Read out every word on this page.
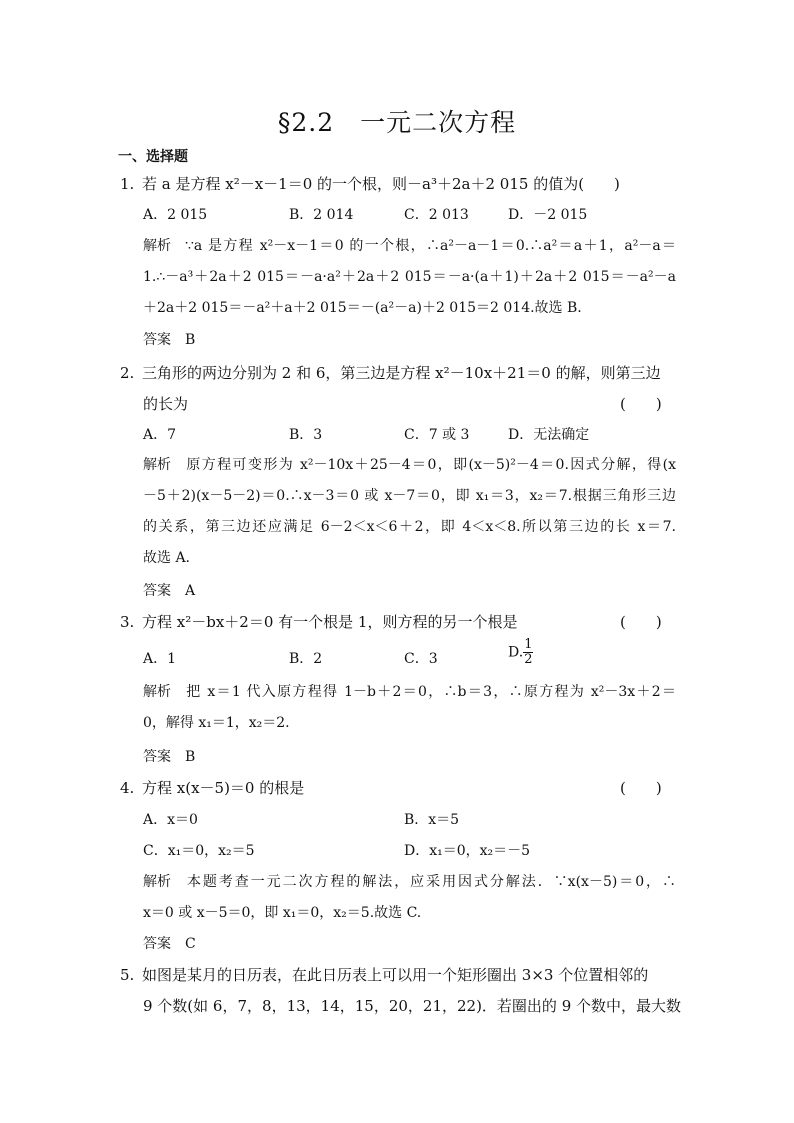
§2.2 一元二次方程
一、选择题
1. 若 a 是方程 x²－x－1＝0 的一个根，则－a³＋2a＋2 015 的值为(　　)
A．2 015	B．2 014	C．2 013	D．－2 015
解析 ∵a 是方程 x²－x－1＝0 的一个根，∴a²－a－1＝0.∴a²＝a＋1，a²－a＝
1.∴－a³＋2a＋2 015＝－a·a²＋2a＋2 015＝－a·(a＋1)＋2a＋2 015＝－a²－a
＋2a＋2 015＝－a²＋a＋2 015＝－(a²－a)＋2 015＝2 014.故选 B.
答案 B
2. 三角形的两边分别为 2 和 6，第三边是方程 x²－10x＋21＝0 的解，则第三边
的长为	(　　)
A．7	B．3	C．7 或 3	D．无法确定
解析 原方程可变形为 x²－10x＋25－4＝0，即(x－5)²－4＝0.因式分解，得(x
－5＋2)(x－5－2)＝0.∴x－3＝0 或 x－7＝0，即 x₁＝3，x₂＝7.根据三角形三边
的关系，第三边还应满足 6－2＜x＜6＋2，即 4＜x＜8.所以第三边的长 x＝7.
故选 A.
答案 A
3. 方程 x²－bx＋2＝0 有一个根是 1，则方程的另一个根是	(　　)
A．1	B．2	C．3	D. $\frac{1}{2}$
解析 把 x＝1 代入原方程得 1－b＋2＝0，∴b＝3，∴原方程为 x²－3x＋2＝
0，解得 x₁＝1，x₂＝2.
答案 B
4. 方程 x(x－5)＝0 的根是	(　　)
A．x＝0	B．x＝5
C．x₁＝0，x₂＝5	D．x₁＝0，x₂＝－5
解析 本题考查一元二次方程的解法，应采用因式分解法．∵x(x－5)＝0，∴
x＝0 或 x－5＝0，即 x₁＝0，x₂＝5.故选 C.
答案 C
5. 如图是某月的日历表，在此日历表上可以用一个矩形圈出 3×3 个位置相邻的
9 个数(如 6，7，8，13，14，15，20，21，22)．若圈出的 9 个数中，最大数
